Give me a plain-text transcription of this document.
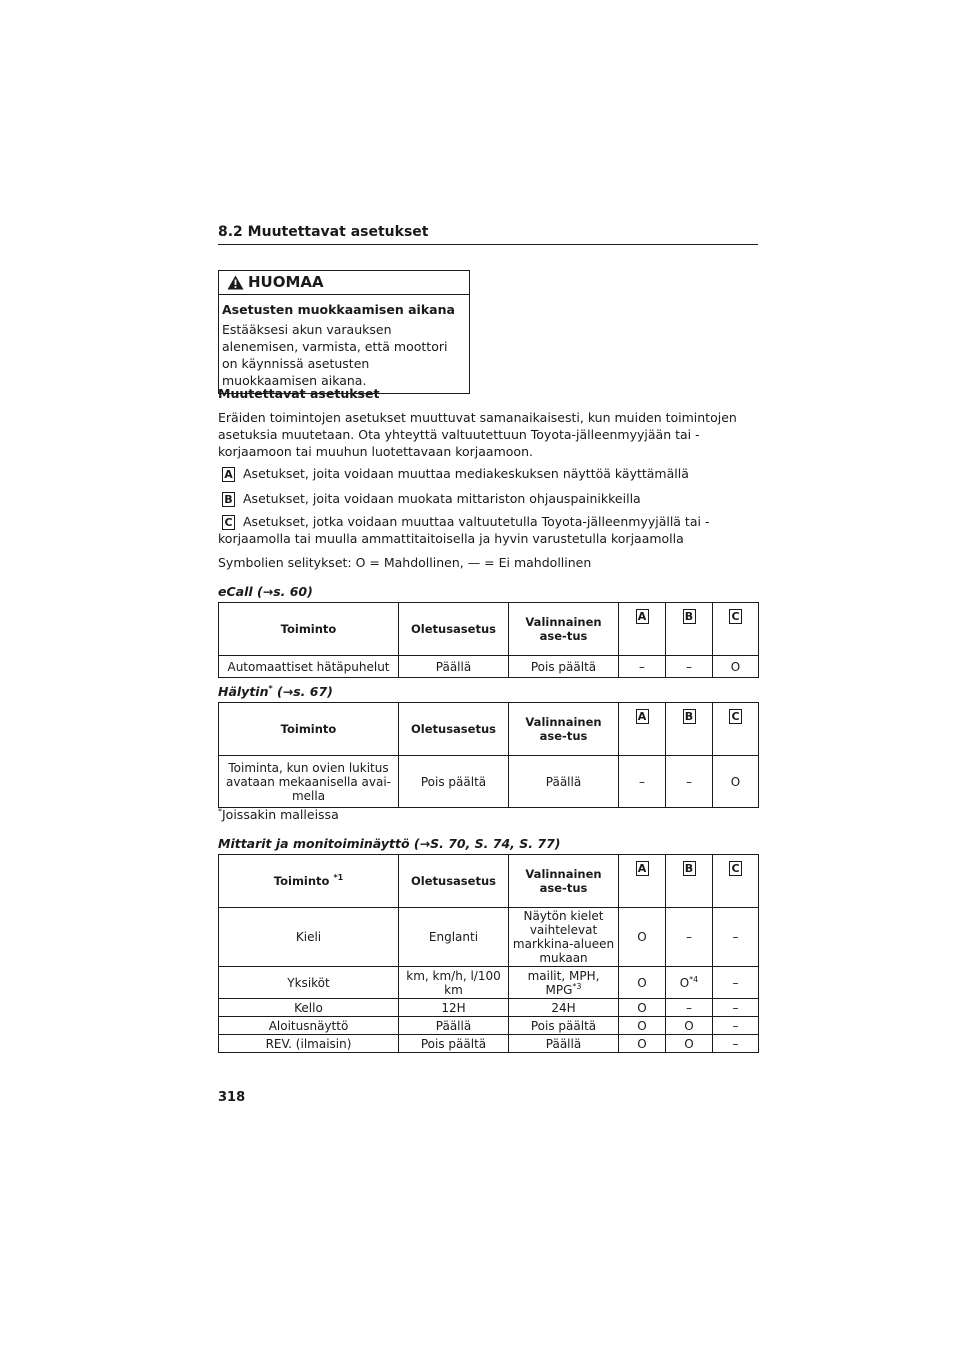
8.2 Muutettavat asetukset
HUOMAA
Asetusten muokkaamisen aikana
Estääksesi akun varauksen alenemisen, varmista, että moottori on käynnissä asetusten muokkaamisen aikana.
Muutettavat asetukset
Eräiden toimintojen asetukset muuttuvat samanaikaisesti, kun muiden toimintojen asetuksia muutetaan. Ota yhteyttä valtuutettuun Toyota-jälleenmyyjään tai -korjaamoon tai muuhun luotettavaan korjaamoon.
A Asetukset, joita voidaan muuttaa mediakeskuksen näyttöä käyttämällä
B Asetukset, joita voidaan muokata mittariston ohjauspainikkeilla
C Asetukset, jotka voidaan muuttaa valtuutetulla Toyota-jälleenmyyjällä tai -korjaamolla tai muulla ammattitaitoisella ja hyvin varustetulla korjaamolla
Symbolien selitykset: O = Mahdollinen, — = Ei mahdollinen
eCall (→s. 60)
Toiminto	Oletusasetus	Valinnainen ase-tus	A	B	C
Automaattiset hätäpuhelut	Päällä	Pois päältä	–	–	O
Hälytin* (→s. 67)
Toiminto	Oletusasetus	Valinnainen ase-tus	A	B	C
Toiminta, kun ovien lukitus avataan mekaanisella avai-mella	Pois päältä	Päällä	–	–	O
*Joissakin malleissa
Mittarit ja monitoiminäyttö (→S. 70, S. 74, S. 77)
Toiminto $^{*1}$	Oletusasetus	Valinnainen ase-tus	A	B	C
Kieli	Englanti	Näytön kielet vaihtelevat markkina-alueen mukaan	O	–	–
Yksiköt	km, km/h, l/100 km	mailit, MPH, MPG$^{*3}$	O	$O^{*4}$	–
Kello	12H	24H	O	–	–
Aloitusnäyttö	Päällä	Pois päältä	O	O	–
REV. (ilmaisin)	Pois päältä	Päällä	O	O	–
318
